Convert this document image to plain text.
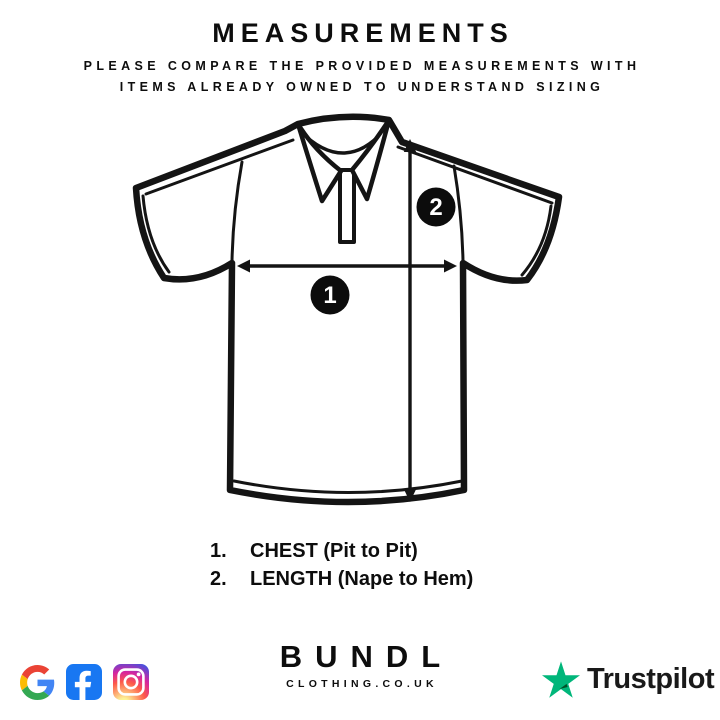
MEASUREMENTS
PLEASE COMPARE THE PROVIDED MEASUREMENTS WITH
ITEMS ALREADY OWNED TO UNDERSTAND SIZING
1
2
1.	CHEST (Pit to Pit)
2.	LENGTH (Nape to Hem)
BUNDL
CLOTHING.CO.UK	Trustpilot
